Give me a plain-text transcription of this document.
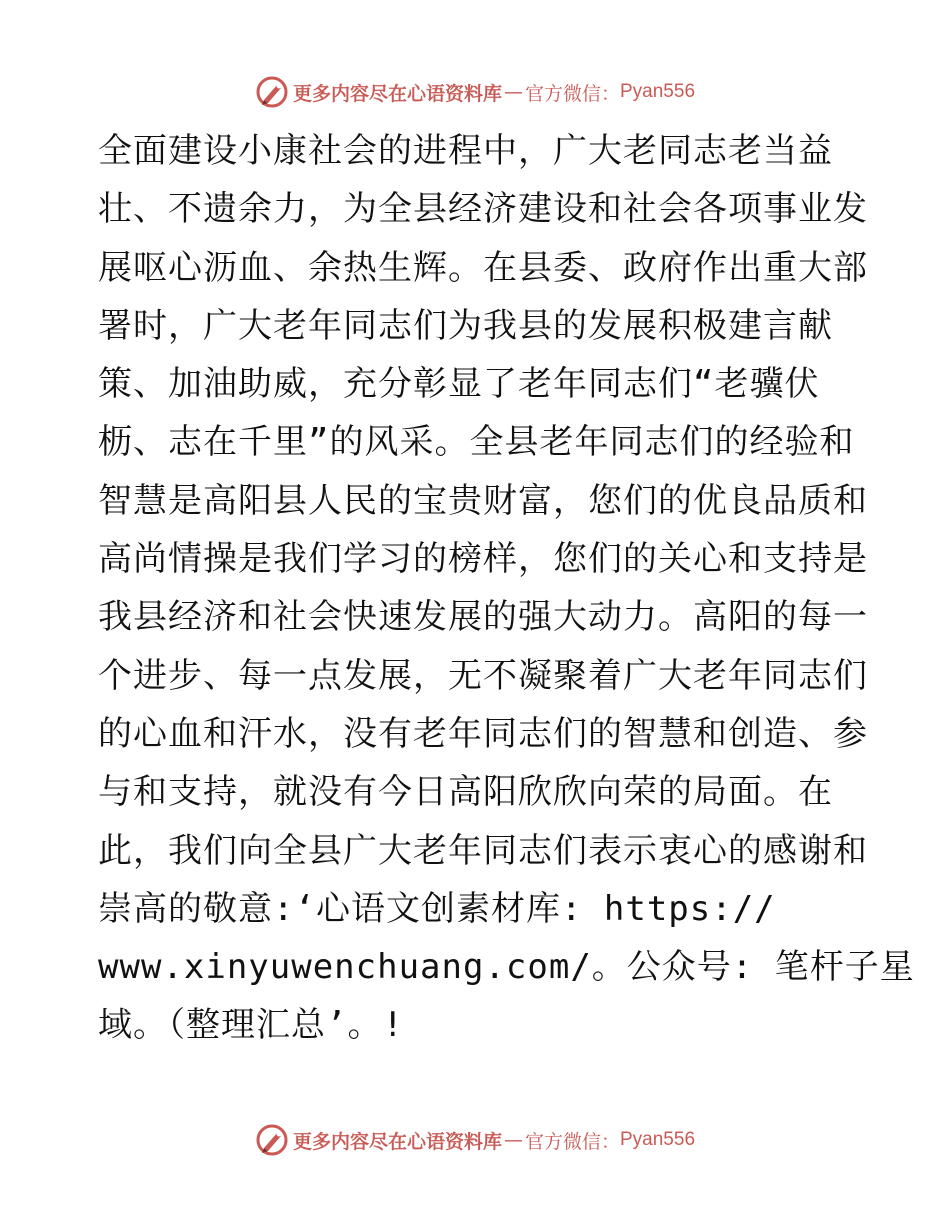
更多内容尽在心语资料库 — 官方微信： Pyan556
全面建设小康社会的进程中，广大老同志老当益
壮、不遗余力，为全县经济建设和社会各项事业发
展呕心沥血、余热生辉。在县委、政府作出重大部
署时，广大老年同志们为我县的发展积极建言献
策、加油助威，充分彰显了老年同志们“老骥伏
枥、志在千里”的风采。全县老年同志们的经验和
智慧是高阳县人民的宝贵财富，您们的优良品质和
高尚情操是我们学习的榜样，您们的关心和支持是
我县经济和社会快速发展的强大动力。高阳的每一
个进步、每一点发展，无不凝聚着广大老年同志们
的心血和汗水，没有老年同志们的智慧和创造、参
与和支持，就没有今日高阳欣欣向荣的局面。在
此，我们向全县广大老年同志们表示衷心的感谢和
崇高的敬意:‘心语文创素材库: https://
www.xinyuwenchuang.com/。公众号: 笔杆子星
域。（整理汇总’。!
更多内容尽在心语资料库 — 官方微信： Pyan556
